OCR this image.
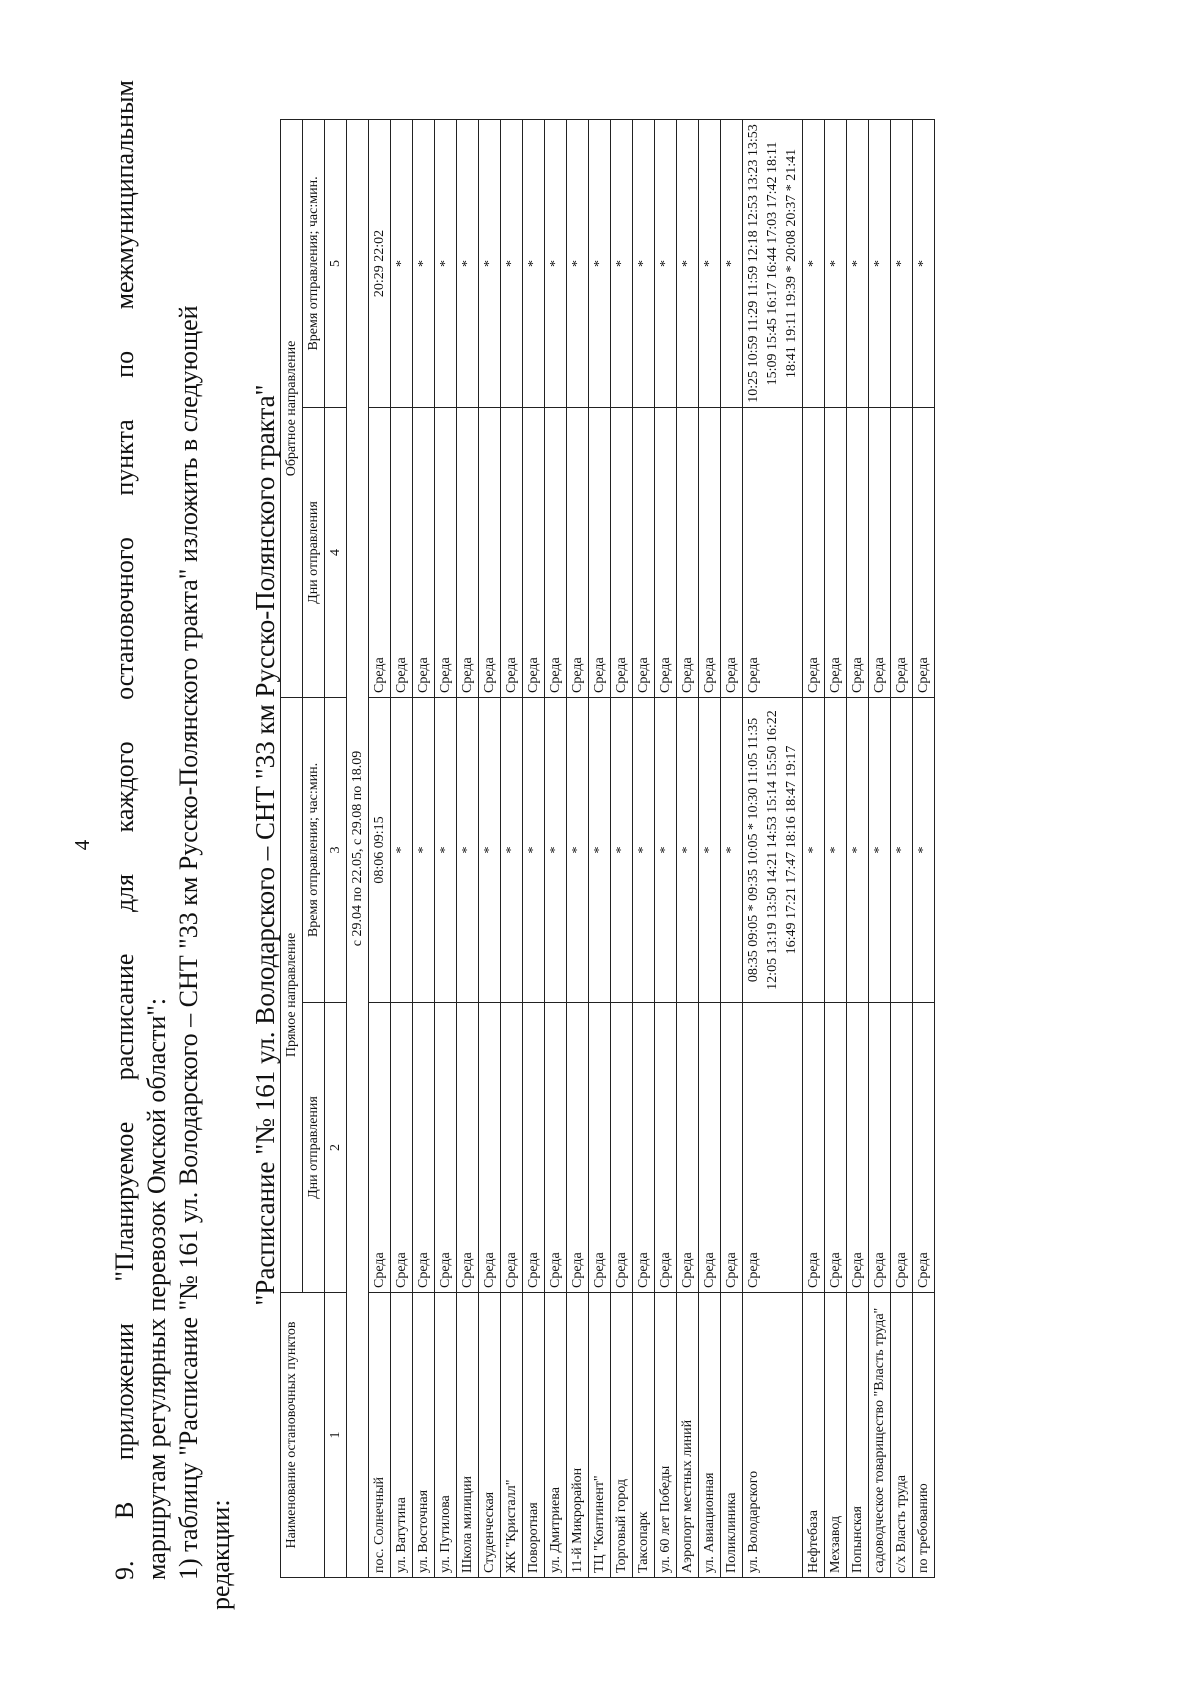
4 9. В приложении "Планируемое расписание для каждого остановочного пункта по межмуниципальным маршрутам регулярных перевозок Омской области": 1) таблицу "Расписание "№ 161 ул. Володарского – СНТ "33 км Русско-Полянского тракта" изложить в следующей редакции:
"Расписание "№ 161 ул. Володарского – СНТ "33 км Русско-Полянского тракта"
Наименование остановочных пунктов	Прямое направление		Обратное направление	
	Дни отправления	Время отправления; час:мин.	Дни отправления	Время отправления; час:мин.
1	2	3	4	5
с 29.04 по 22.05, с 29.08 по 18.09				
пос. Солнечный	Среда	08:06 09:15	Среда	20:29 22:02
ул. Ватутина	Среда	*	Среда	*
ул. Восточная	Среда	*	Среда	*
ул. Путилова	Среда	*	Среда	*
Школа милиции	Среда	*	Среда	*
Студенческая	Среда	*	Среда	*
ЖК "Кристалл"	Среда	*	Среда	*
Поворотная	Среда	*	Среда	*
ул. Дмитриева	Среда	*	Среда	*
11-й Микрорайон	Среда	*	Среда	*
ТЦ "Континент"	Среда	*	Среда	*
Торговый город	Среда	*	Среда	*
Таксопарк	Среда	*	Среда	*
ул. 60 лет Победы	Среда	*	Среда	*
Аэропорт местных линий	Среда	*	Среда	*
ул. Авиационная	Среда	*	Среда	*
Поликлиника	Среда	*	Среда	*
ул. Володарского	Среда	08:35 09:05 * 09:35 10:05 * 10:30 11:05 11:35 12:05 13:19 13:50 14:21 14:53 15:14 15:50 16:22 16:49 17:21 17:47 18:16 18:47 19:17	Среда	10:25 10:59 11:29 11:59 12:18 12:53 13:23 13:53 15:09 15:45 16:17 16:44 17:03 17:42 18:11 18:41 19:11 19:39 * 20:08 20:37 * 21:41
Нефтебаза	Среда	*	Среда	*
Мехзавод	Среда	*	Среда	*
Попынская	Среда	*	Среда	*
садоводческое товарищество "Власть труда"	Среда	*	Среда	*
с/х Власть труда	Среда	*	Среда	*
по требованию	Среда	*	Среда	*
